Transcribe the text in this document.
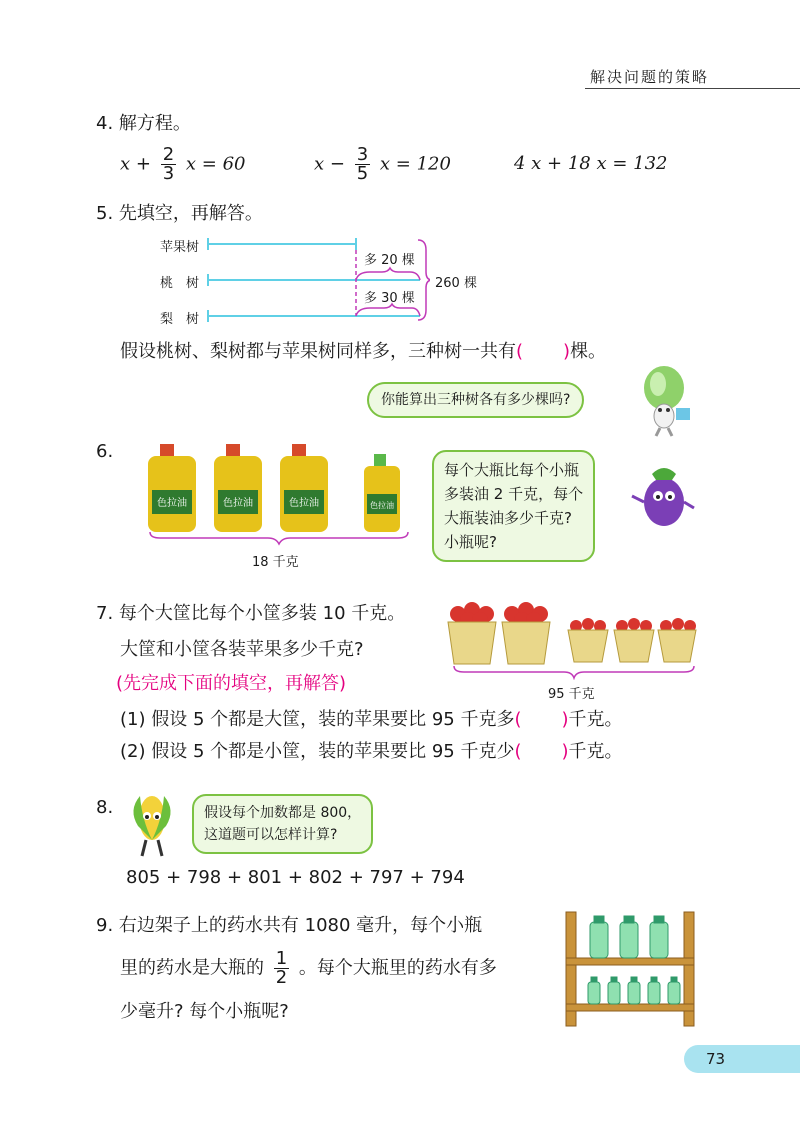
解决问题的策略
4. 解方程。
$x + \frac{2}{3}$ x = 60	$x - \frac{3}{5}$ x = 120	4 x + 18 x = 132
5. 先填空，再解答。
苹果树
桃　树
梨　树
多 20 棵
多 30 棵
260 棵
假设桃树、梨树都与苹果树同样多，三种树一共有( )棵。
你能算出三种树各有多少棵吗?
6.
色拉油	色拉油	色拉油	色拉油
18 千克
每个大瓶比每个小瓶
多装油 2 千克，每个
大瓶装油多少千克?
小瓶呢?
7. 每个大筐比每个小筐多装 10 千克。
大筐和小筐各装苹果多少千克?
(先完成下面的填空，再解答)
95 千克
(1) 假设 5 个都是大筐，装的苹果要比 95 千克多( )千克。
(2) 假设 5 个都是小筐，装的苹果要比 95 千克少( )千克。
8.	假设每个加数都是 800，
这道题可以怎样计算?
805 + 798 + 801 + 802 + 797 + 794
9. 右边架子上的药水共有 1080 毫升，每个小瓶
里的药水是大瓶的 $\frac{1}{2}$ 。每个大瓶里的药水有多
少毫升? 每个小瓶呢?
73
